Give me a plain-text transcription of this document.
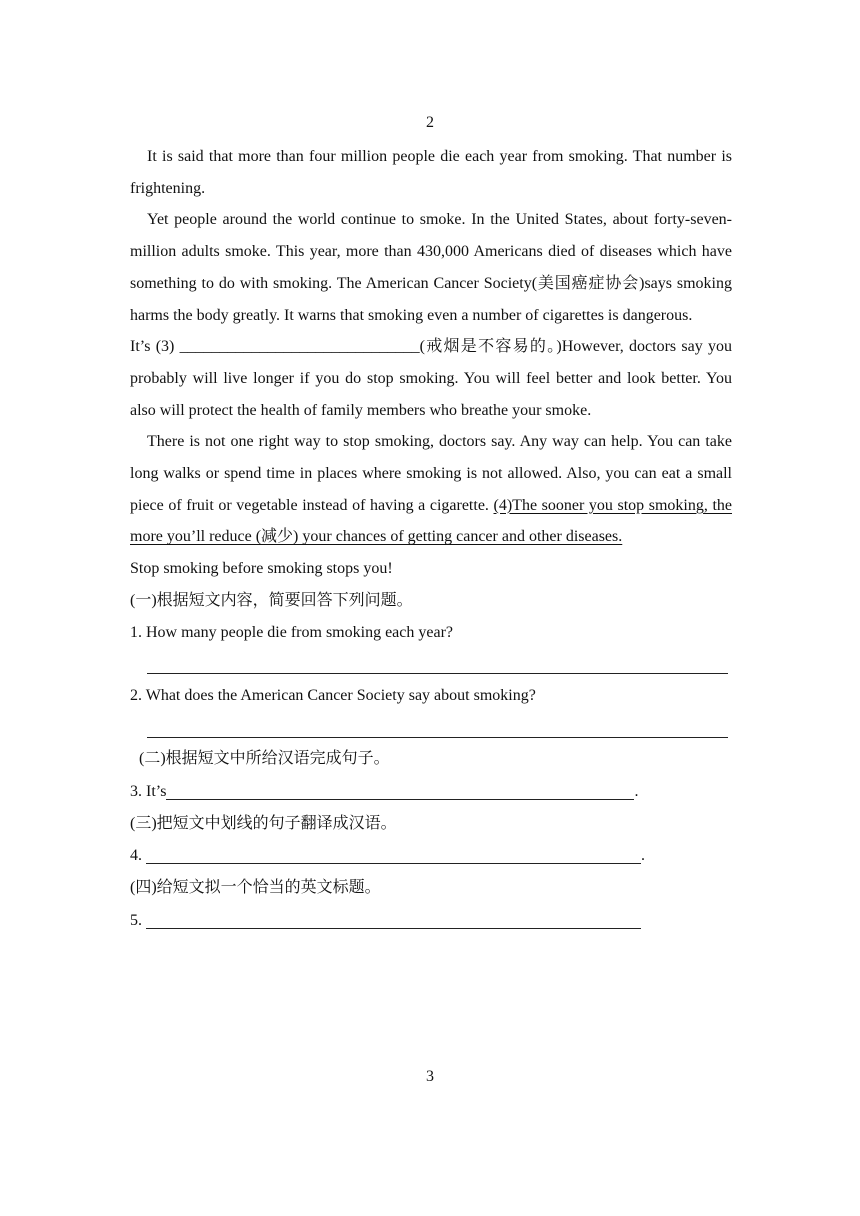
2

It is said that more than four million people die each year from smoking. That number is frightening.

Yet people around the world continue to smoke. In the United States, about forty-seven-million adults smoke. This year, more than 430,000 Americans died of diseases which have something to do with smoking. The American Cancer Society(美国癌症协会)says smoking harms the body greatly. It warns that smoking even a number of cigarettes is dangerous.

It’s (3) ______________________________(戒烟是不容易的。)However, doctors say you probably will live longer if you do stop smoking. You will feel better and look better. You also will protect the health of family members who breathe your smoke.

There is not one right way to stop smoking, doctors say. Any way can help. You can take long walks or spend time in places where smoking is not allowed. Also, you can eat a small piece of fruit or vegetable instead of having a cigarette. (4)The sooner you stop smoking, the more you’ll reduce (减少) your chances of getting cancer and other diseases.

Stop smoking before smoking stops you!

(一)根据短文内容，简要回答下列问题。

1. How many people die from smoking each year?

2. What does the American Cancer Society say about smoking?

(二)根据短文中所给汉语完成句子。

3. It’s	.

(三)把短文中划线的句子翻译成汉语。

4.	.

(四)给短文拟一个恰当的英文标题。

5.

3
